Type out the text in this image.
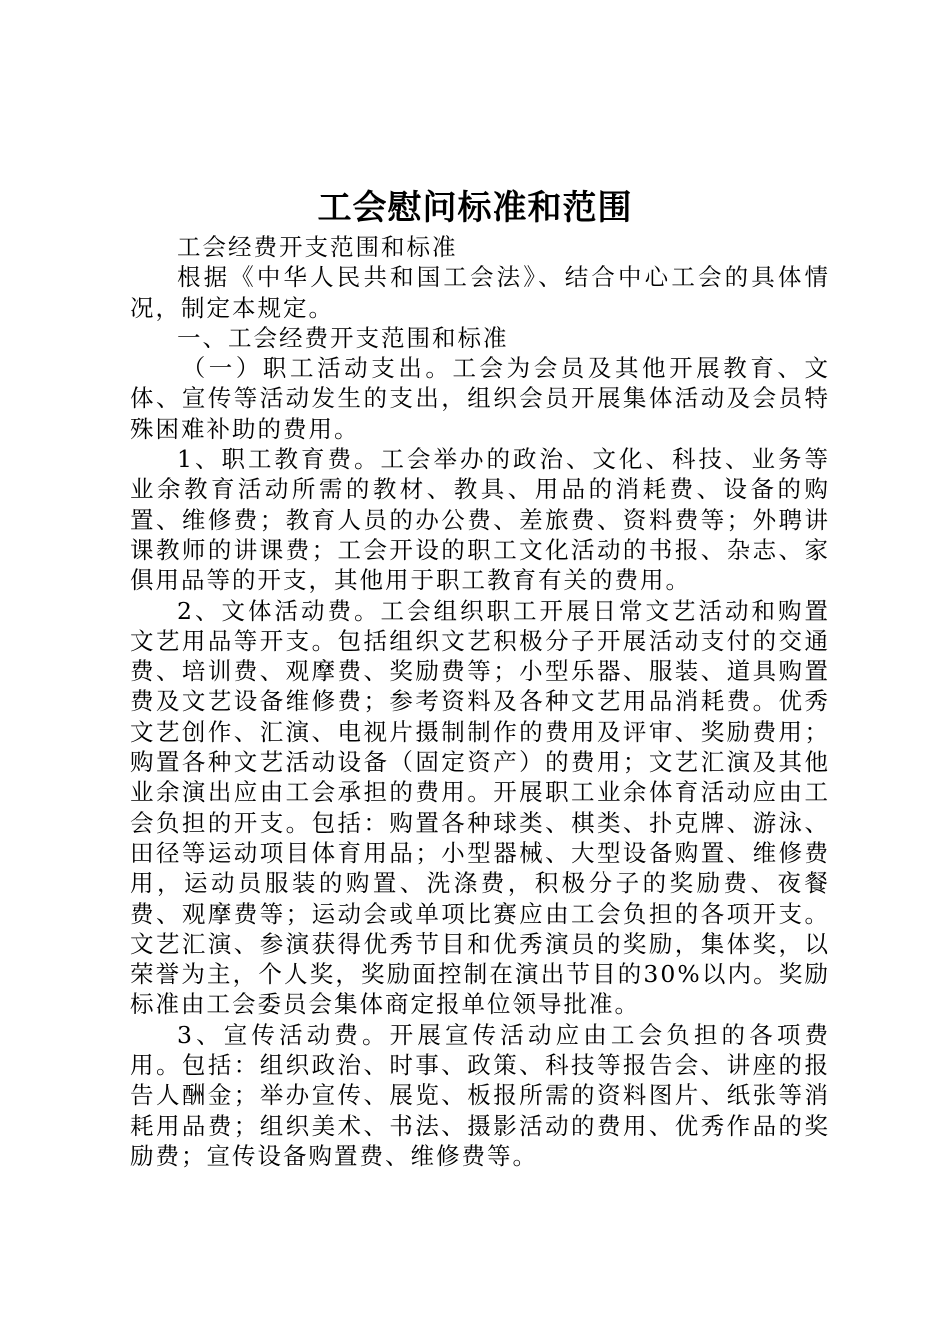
工会慰问标准和范围

工会经费开支范围和标准

根据《中华人民共和国工会法》、结合中心工会的具体情况，制定本规定。

一、工会经费开支范围和标准

（一）职工活动支出。工会为会员及其他开展教育、文体、宣传等活动发生的支出，组织会员开展集体活动及会员特殊困难补助的费用。

1、职工教育费。工会举办的政治、文化、科技、业务等业余教育活动所需的教材、教具、用品的消耗费、设备的购置、维修费；教育人员的办公费、差旅费、资料费等；外聘讲课教师的讲课费；工会开设的职工文化活动的书报、杂志、家俱用品等的开支，其他用于职工教育有关的费用。

2、文体活动费。工会组织职工开展日常文艺活动和购置文艺用品等开支。包括组织文艺积极分子开展活动支付的交通费、培训费、观摩费、奖励费等；小型乐器、服装、道具购置费及文艺设备维修费；参考资料及各种文艺用品消耗费。优秀文艺创作、汇演、电视片摄制制作的费用及评审、奖励费用；购置各种文艺活动设备（固定资产）的费用；文艺汇演及其他业余演出应由工会承担的费用。开展职工业余体育活动应由工会负担的开支。包括：购置各种球类、棋类、扑克牌、游泳、田径等运动项目体育用品；小型器械、大型设备购置、维修费用，运动员服装的购置、洗涤费，积极分子的奖励费、夜餐费、观摩费等；运动会或单项比赛应由工会负担的各项开支。文艺汇演、参演获得优秀节目和优秀演员的奖励，集体奖，以荣誉为主，个人奖，奖励面控制在演出节目的30%以内。奖励标准由工会委员会集体商定报单位领导批准。

3、宣传活动费。开展宣传活动应由工会负担的各项费用。包括：组织政治、时事、政策、科技等报告会、讲座的报告人酬金；举办宣传、展览、板报所需的资料图片、纸张等消耗用品费；组织美术、书法、摄影活动的费用、优秀作品的奖励费；宣传设备购置费、维修费等。
